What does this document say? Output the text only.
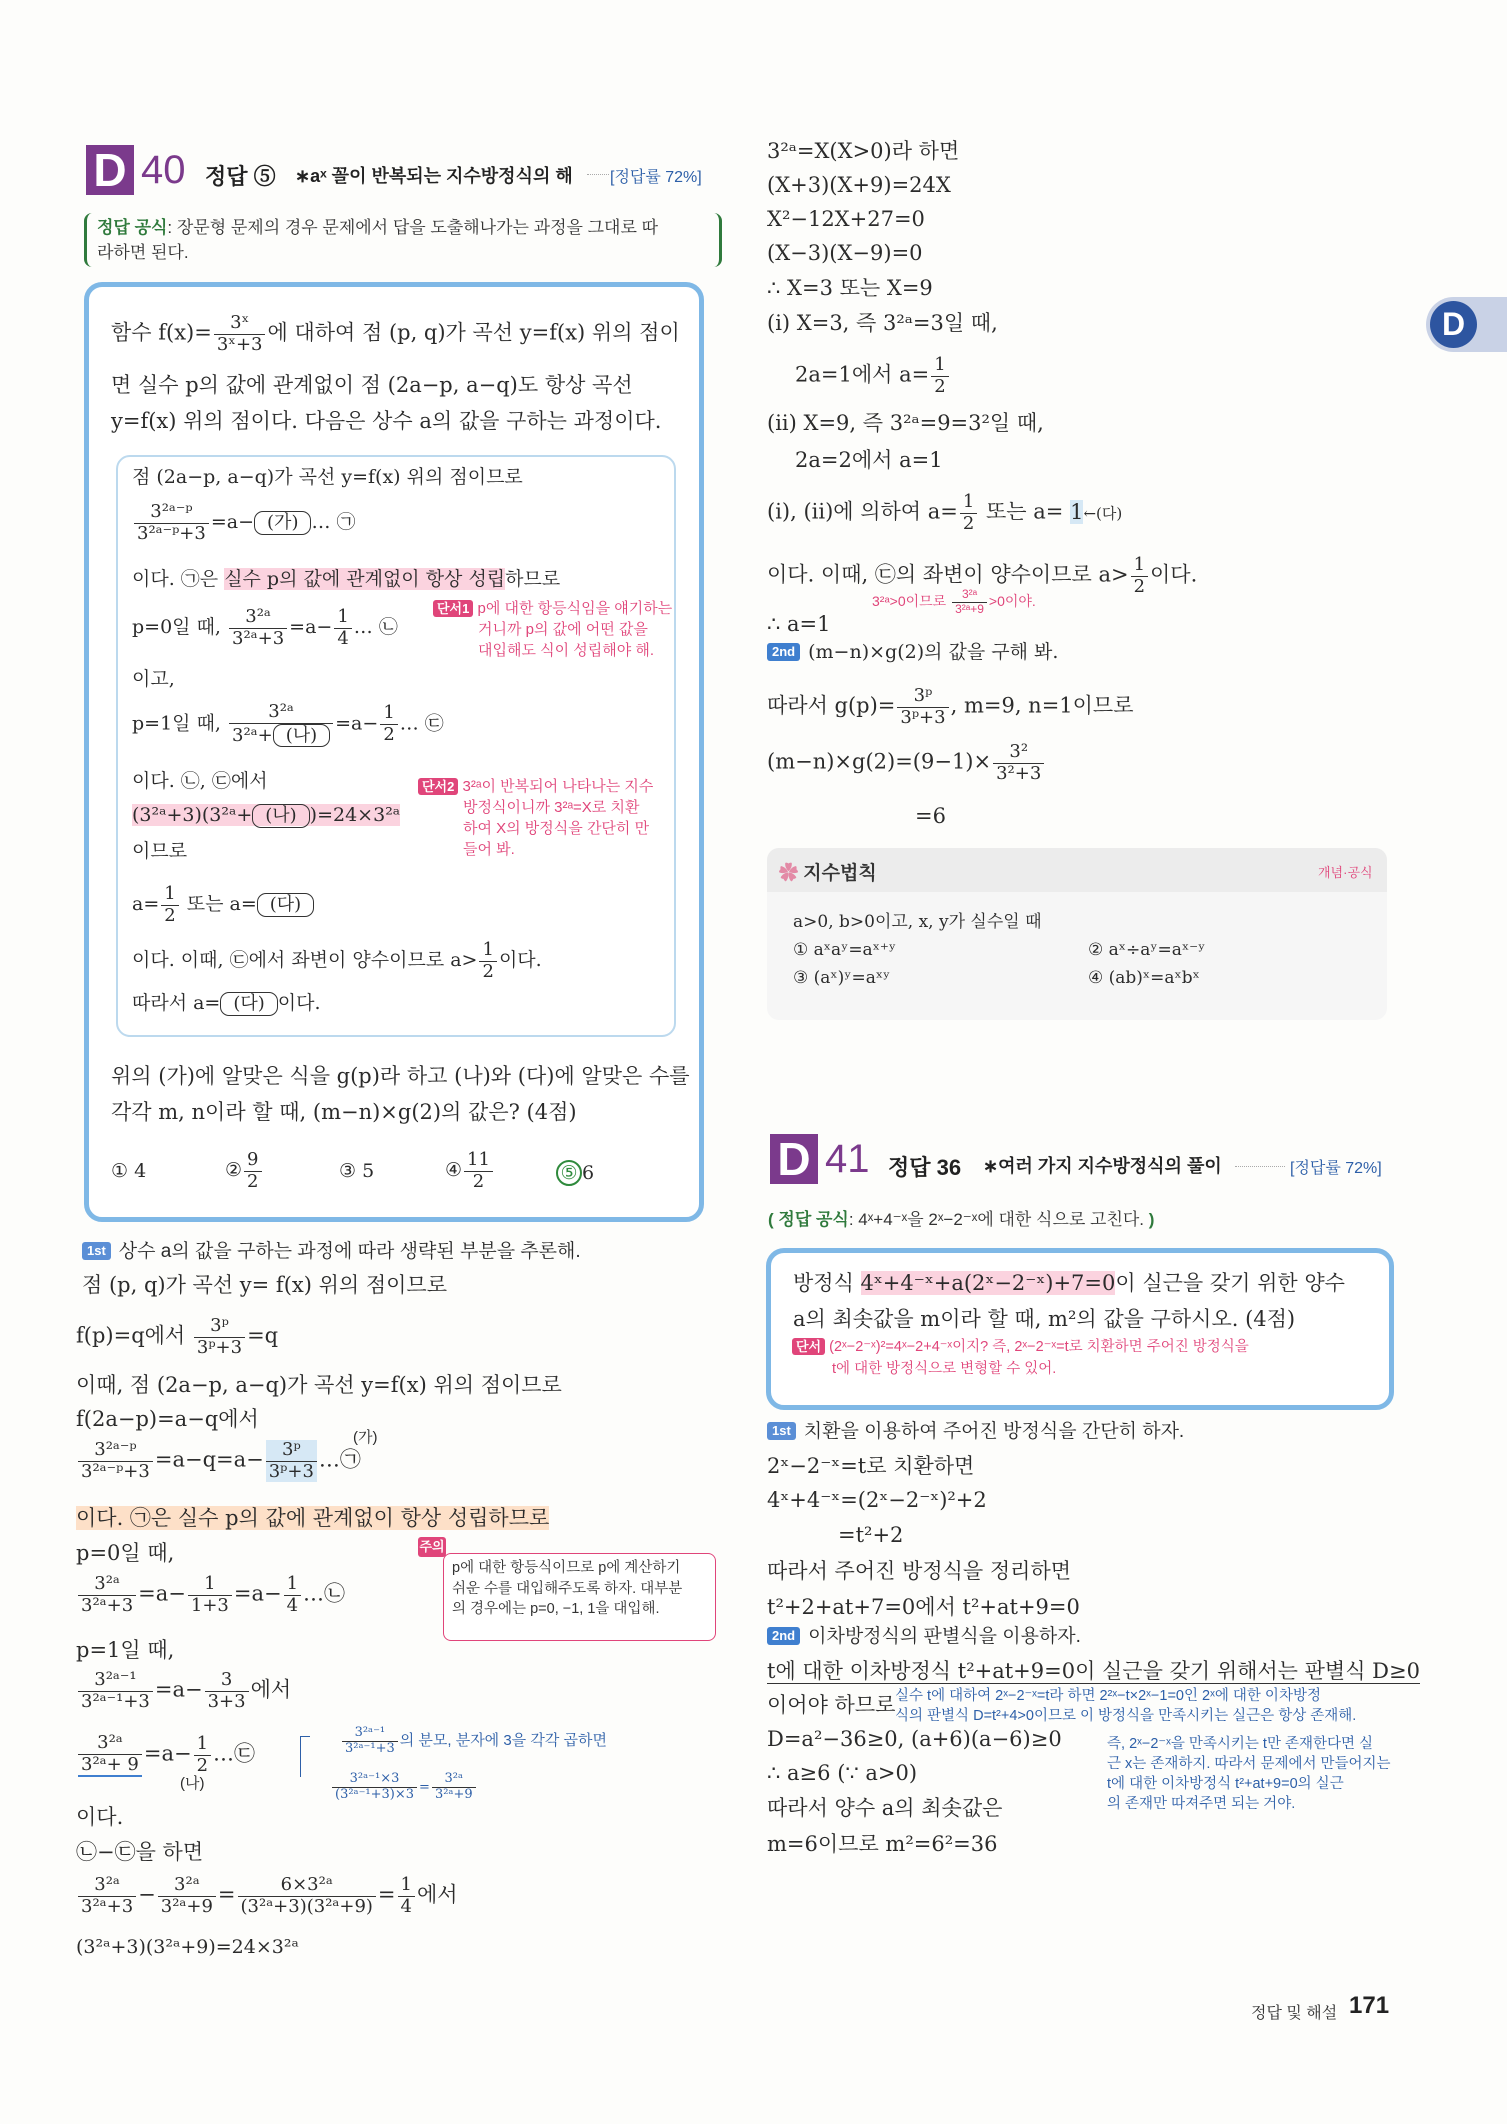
D 40 정답 ⑤ ∗aˣ 꼴이 반복되는 지수방정식의 해 [정답률 72%]
정답 공식: 장문형 문제의 경우 문제에서 답을 도출해나가는 과정을 그대로 따
라하면 된다.
함수 $f(x)= \frac{\text{3ˣ}}{\text{3ˣ+3}}$ 에 대하여 점 (p, q)가 곡선 y=f(x) 위의 점이
면 실수 p의 값에 관계없이 점 (2a−p, a−q)도 항상 곡선
y=f(x) 위의 점이다. 다음은 상수 a의 값을 구하는 과정이다.
점 (2a−p, a−q)가 곡선 y=f(x) 위의 점이므로
$\frac{\text{3²ᵃ⁻ᵖ}}{\text{3²ᵃ⁻ᵖ+3}} =a-$ (가) … ㉠
이다. ㉠은 실수 p의 값에 관계없이 항상 성립하므로
p=0일 때, $\frac{\text{3²ᵃ}}{\text{3²ᵃ+3}} =a- \frac{1}{4}$ … ㉡
이고,
p=1일 때, $\frac{\text{3²ᵃ}}{\text{3²ᵃ+ (나)}} =a- \frac{1}{2}$ … ㉢
이다. ㉡, ㉢에서
(3²ᵃ+3)(3²ᵃ+ (나) )=24×3²ᵃ
이므로
$a= \frac{1}{2}$ 또는 a= (다)
이다. 이때, ㉢에서 좌변이 양수이므로 $a> \frac{1}{2}$ 이다.
따라서 a= (다) 이다.
단서1 p에 대한 항등식임을 얘기하는
거니까 p의 값에 어떤 값을
대입해도 식이 성립해야 해.
단서2 3²ᵃ이 반복되어 나타나는 지수
방정식이니까 3²ᵃ=X로 치환
하여 X의 방정식을 간단히 만
들어 봐.
위의 (가)에 알맞은 식을 g(p)라 하고 (나)와 (다)에 알맞은 수를
각각 m, n이라 할 때, (m−n)×g(2)의 값은? (4점)
① 4	② $\frac{9}{2}$	③ 5	④ $\frac{11}{2}$	⑤ 6
1st 상수 a의 값을 구하는 과정에 따라 생략된 부분을 추론해.
점 (p, q)가 곡선 y= f(x) 위의 점이므로
f(p)=q에서 $\frac{\text{3ᵖ}}{\text{3ᵖ+3}} =q$
이때, 점 (2a−p, a−q)가 곡선 y=f(x) 위의 점이므로
f(2a−p)=a−q에서
$\frac{\text{3²ᵃ⁻ᵖ}}{\text{3²ᵃ⁻ᵖ+3}} =a-q=a- \frac{\text{3ᵖ}}{\text{3ᵖ+3}}$ …㉠
(가)
이다. ㉠은 실수 p의 값에 관계없이 항상 성립하므로
p=0일 때,
$\frac{\text{3²ᵃ}}{\text{3²ᵃ+3}} =a- \frac{1}{1+3} =a- \frac{1}{4}$ …㉡
주의
p에 대한 항등식이므로 p에 계산하기
쉬운 수를 대입해주도록 하자. 대부분
의 경우에는 p=0, −1, 1을 대입해.
p=1일 때,
$\frac{\text{3²ᵃ⁻¹}}{\text{3²ᵃ⁻¹+3}} =a- \frac{3}{3+3}$ 에서
$\frac{\text{3²ᵃ}}{\text{3²ᵃ+ 9}} =a- \frac{1}{2}$ …㉢
(나)
$\frac{\text{3²ᵃ⁻¹}}{\text{3²ᵃ⁻¹+3}}$ 의 분모, 분자에 3을 각각 곱하면
$\frac{\text{3²ᵃ⁻¹×3}}{\text{(3²ᵃ⁻¹+3)×3}} = \frac{\text{3²ᵃ}}{\text{3²ᵃ+9}}$
이다.
㉡−㉢을 하면
$\frac{\text{3²ᵃ}}{\text{3²ᵃ+3}} - \frac{\text{3²ᵃ}}{\text{3²ᵃ+9}} = \frac{\text{6×3²ᵃ}}{\text{(3²ᵃ+3)(3²ᵃ+9)}} = \frac{1}{4}$ 에서
(3²ᵃ+3)(3²ᵃ+9)=24×3²ᵃ
3²ᵃ=X(X>0)라 하면
(X+3)(X+9)=24X
X²−12X+27=0
(X−3)(X−9)=0
∴ X=3 또는 X=9
(i) X=3, 즉 3²ᵃ=3일 때,
2a=1에서 $a= \frac{1}{2}$
(ii) X=9, 즉 3²ᵃ=9=3²일 때,
2a=2에서 a=1
(i), (ii)에 의하여 $a= \frac{1}{2}$ 또는 a= 1←(다)
이다. 이때, ㉢의 좌변이 양수이므로 $a> \frac{1}{2}$ 이다.
∴ a=1
3²ᵃ>0이므로 $\frac{\text{3²ᵃ}}{\text{3²ᵃ+9}} >0$이야.
2nd (m−n)×g(2)의 값을 구해 봐.
따라서 $g(p)= \frac{\text{3ᵖ}}{\text{3ᵖ+3}}$ , m=9, n=1이므로
$(m-n)\times g(2)=(9-1)\times \frac{\text{3²}}{\text{3²+3}}$
=6
✿ 지수법칙	개념·공식
a>0, b>0이고, x, y가 실수일 때
① aˣaʸ=aˣ⁺ʸ	② aˣ÷aʸ=aˣ⁻ʸ
③ (aˣ)ʸ=aˣʸ	④ (ab)ˣ=aˣbˣ
D 41 정답 36 ∗여러 가지 지수방정식의 풀이	[정답률 72%]
( 정답 공식: 4ˣ+4⁻ˣ을 2ˣ−2⁻ˣ에 대한 식으로 고친다. )
방정식 4ˣ+4⁻ˣ+a(2ˣ−2⁻ˣ)+7=0이 실근을 갖기 위한 양수
a의 최솟값을 m이라 할 때, m²의 값을 구하시오. (4점)
단서 (2ˣ−2⁻ˣ)²=4ˣ−2+4⁻ˣ이지? 즉, 2ˣ−2⁻ˣ=t로 치환하면 주어진 방정식을
t에 대한 방정식으로 변형할 수 있어.
1st 치환을 이용하여 주어진 방정식을 간단히 하자.
2ˣ−2⁻ˣ=t로 치환하면
4ˣ+4⁻ˣ=(2ˣ−2⁻ˣ)²+2
=t²+2
따라서 주어진 방정식을 정리하면
t²+2+at+7=0에서 t²+at+9=0
2nd 이차방정식의 판별식을 이용하자.
t에 대한 이차방정식 t²+at+9=0이 실근을 갖기 위해서는 판별식 D≥0
이어야 하므로
D=a²−36≥0, (a+6)(a−6)≥0
∴ a≥6 (∵ a>0)
따라서 양수 a의 최솟값은
m=6이므로 m²=6²=36
실수 t에 대하여 2ˣ−2⁻ˣ=t라 하면 2²ˣ−t×2ˣ−1=0인 2ˣ에 대한 이차방정
식의 판별식 D=t²+4>0이므로 이 방정식을 만족시키는 실근은 항상 존재해.
즉, 2ˣ−2⁻ˣ을 만족시키는 t만 존재한다면 실
근 x는 존재하지. 따라서 문제에서 만들어지는
t에 대한 이차방정식 t²+at+9=0의 실근
의 존재만 따져주면 되는 거야.
D
정답 및 해설 171
